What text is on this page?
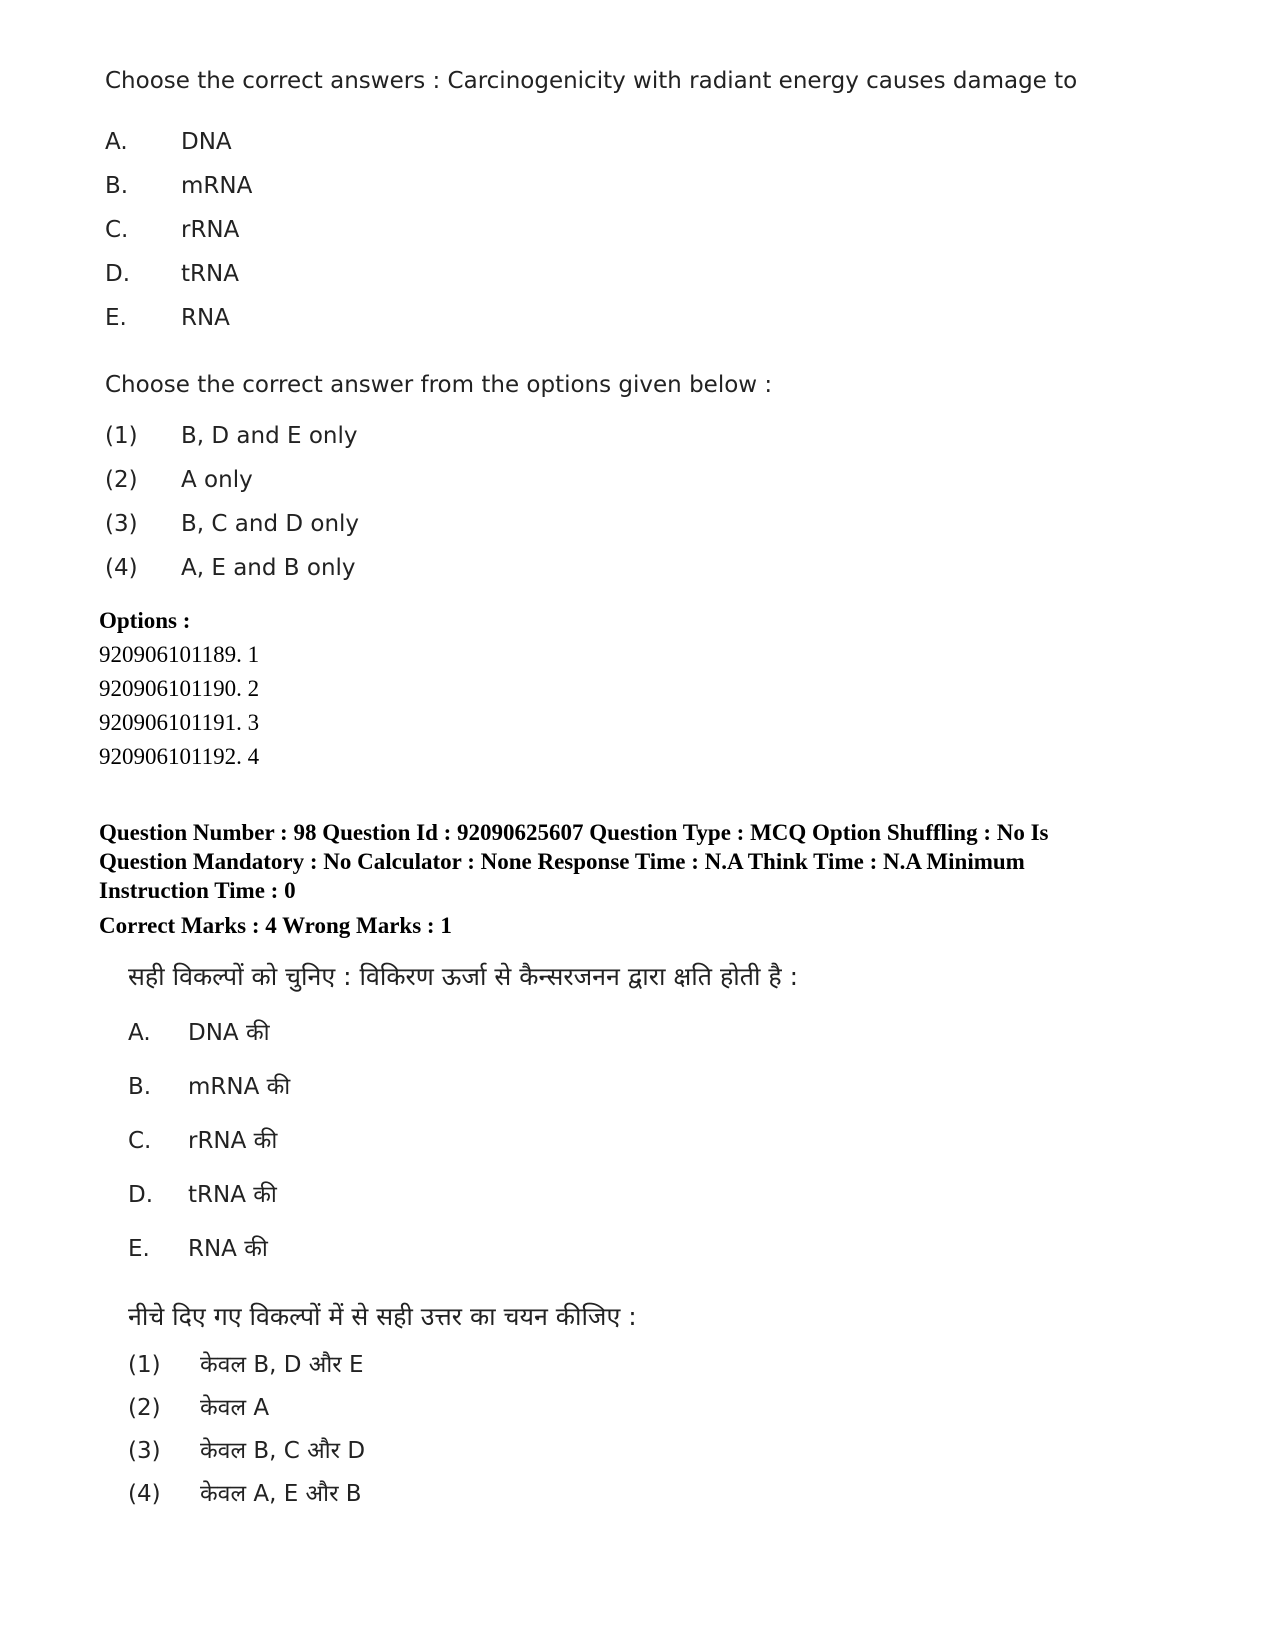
Choose the correct answers : Carcinogenicity with radiant energy causes damage to

A.	DNA
B.	mRNA
C.	rRNA
D.	tRNA
E.	RNA

Choose the correct answer from the options given below :

(1)	B, D and E only
(2)	A only
(3)	B, C and D only
(4)	A, E and B only
Options :
920906101189. 1
920906101190. 2
920906101191. 3
920906101192. 4

Question Number : 98 Question Id : 92090625607 Question Type : MCQ Option Shuffling : No Is

Question Mandatory : No Calculator : None Response Time : N.A Think Time : N.A Minimum

Instruction Time : 0

Correct Marks : 4 Wrong Marks : 1

सही विकल्पों को चुनिए : विकिरण ऊर्जा से कैन्सरजनन द्वारा क्षति होती है :

A.	DNA की
B.	mRNA की
C.	rRNA की
D.	tRNA की
E.	RNA की

नीचे दिए गए विकल्पों में से सही उत्तर का चयन कीजिए :

(1)	केवल B, D और E
(2)	केवल A
(3)	केवल B, C और D
(4)	केवल A, E और B
